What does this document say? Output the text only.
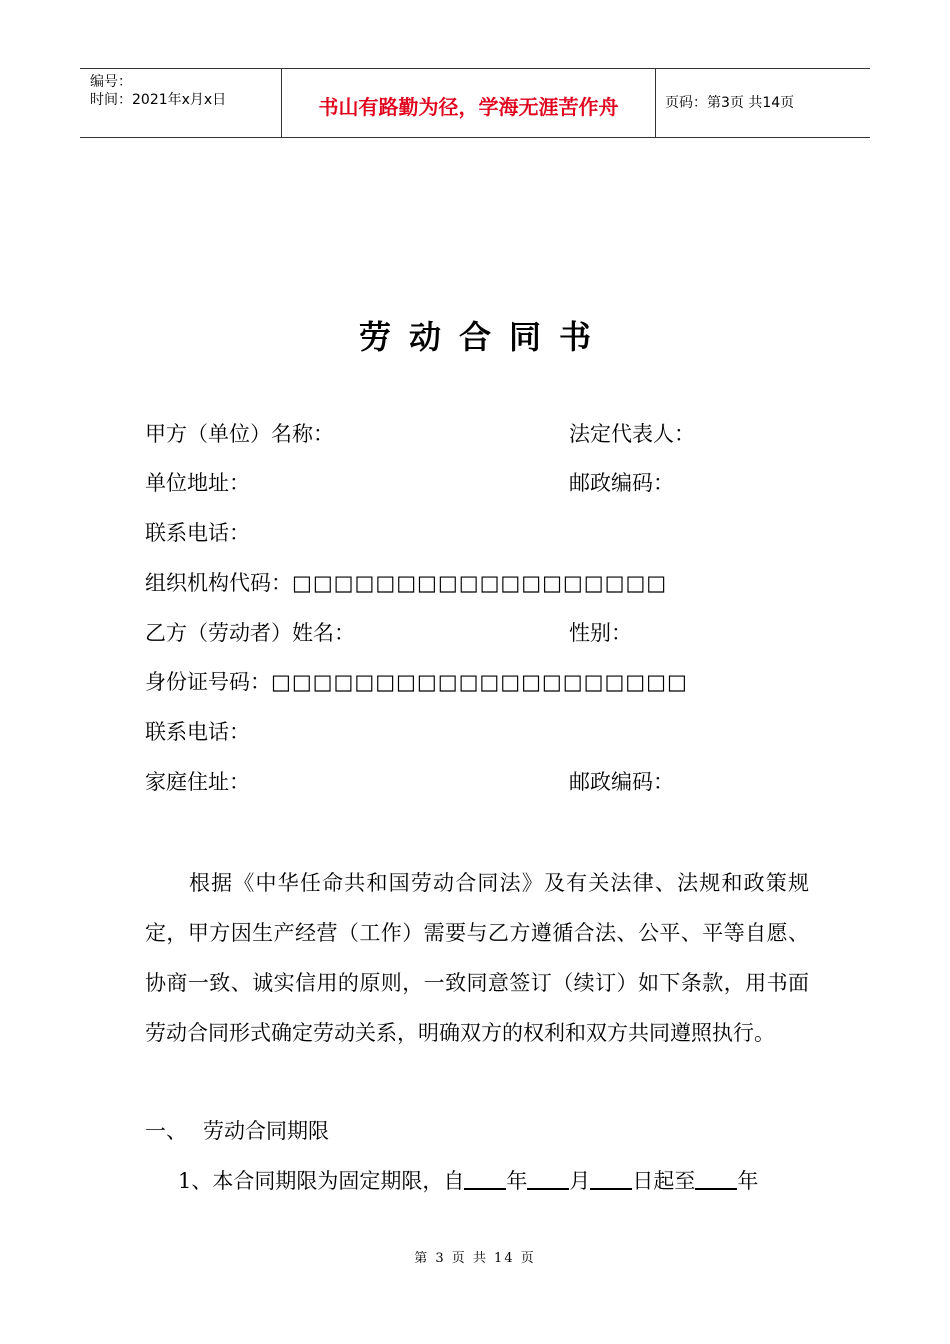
编号：
时间：2021年x月x日	书山有路勤为径，学海无涯苦作舟	页码：第3页 共14页
劳动合同书
甲方（单位）名称：	法定代表人：
单位地址：	邮政编码：
联系电话：
组织机构代码：□□□□□□□□□□□□□□□□□□
乙方（劳动者）姓名：	性别：
身份证号码：□□□□□□□□□□□□□□□□□□□□
联系电话：
家庭住址：	邮政编码：
根据《中华任命共和国劳动合同法》及有关法律、法规和政策规定，甲方因生产经营（工作）需要与乙方遵循合法、公平、平等自愿、协商一致、诚实信用的原则，一致同意签订（续订）如下条款，用书面劳动合同形式确定劳动关系，明确双方的权利和双方共同遵照执行。
一、 劳动合同期限
1、本合同期限为固定期限，自 年 月 日起至 年
第 3 页 共 14 页
